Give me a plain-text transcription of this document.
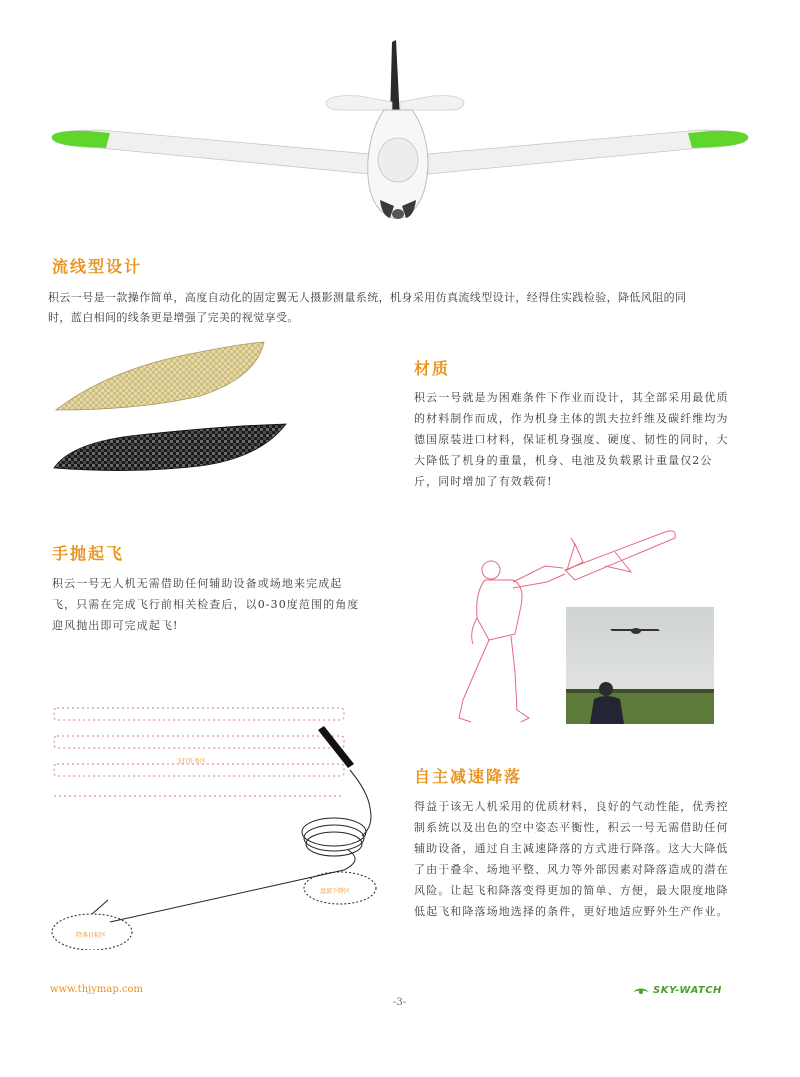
流线型设计
积云一号是一款操作简单，高度自动化的固定翼无人摄影测量系统，机身采用仿真流线型设计，经得住实践检验，降低风阻的同
时，蓝白相间的线条更是增强了完美的视觉享受。
材质
积云一号就是为困难条件下作业而设计，其全部采用最优质
的材料制作而成，作为机身主体的凯夫拉纤维及碳纤维均为
德国原装进口材料，保证机身强度、硬度、韧性的同时，大
大降低了机身的重量，机身、电池及负载累计重量仅2公
斤，同时增加了有效载荷!
手抛起飞
积云一号无人机无需借助任何辅助设备或场地来完成起
飞，只需在完成飞行前相关检查后，以0-30度范围的角度
迎风抛出即可完成起飞!
飞行任务区
盘旋下降区
降落目标区
自主减速降落
得益于该无人机采用的优质材料，良好的气动性能，优秀控
制系统以及出色的空中姿态平衡性，积云一号无需借助任何
辅助设备，通过自主减速降落的方式进行降落。这大大降低
了由于叠伞、场地平整、风力等外部因素对降落造成的潜在
风险。让起飞和降落变得更加的简单、方便，最大限度地降
低起飞和降落场地选择的条件，更好地适应野外生产作业。
www.thjymap.com
-3-
SKY-WATCH
